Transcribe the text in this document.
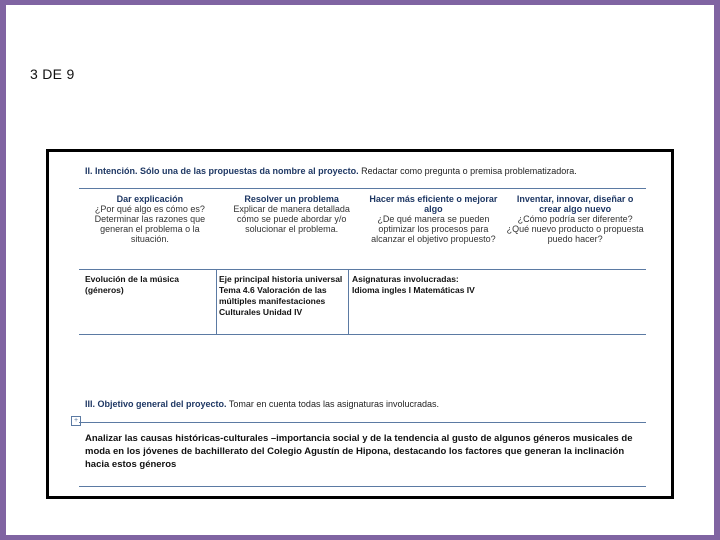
3 DE 9
II. Intención. Sólo una de las propuestas da nombre al proyecto. Redactar como pregunta o premisa problematizadora.
Dar explicación
¿Por qué algo es cómo es? Determinar las razones que generan el problema o la situación.
Resolver un problema
Explicar de manera detallada cómo se puede abordar y/o solucionar el problema.
Hacer más eficiente o mejorar algo
¿De qué manera se pueden optimizar los procesos para alcanzar el objetivo propuesto?
Inventar, innovar, diseñar o crear algo nuevo
¿Cómo podría ser diferente? ¿Qué nuevo producto o propuesta puedo hacer?
Evolución de la música (géneros)
Eje principal historia universal Tema 4.6 Valoración de las múltiples manifestaciones Culturales Unidad IV
Asignaturas involucradas: Idioma ingles I Matemáticas IV
III. Objetivo general del proyecto. Tomar en cuenta todas las asignaturas involucradas.
+
Analizar las causas históricas-culturales –importancia social y de la tendencia al gusto de algunos géneros musicales de moda en los jóvenes de bachillerato del Colegio Agustín de Hipona, destacando los factores que generan la inclinación hacia estos géneros
